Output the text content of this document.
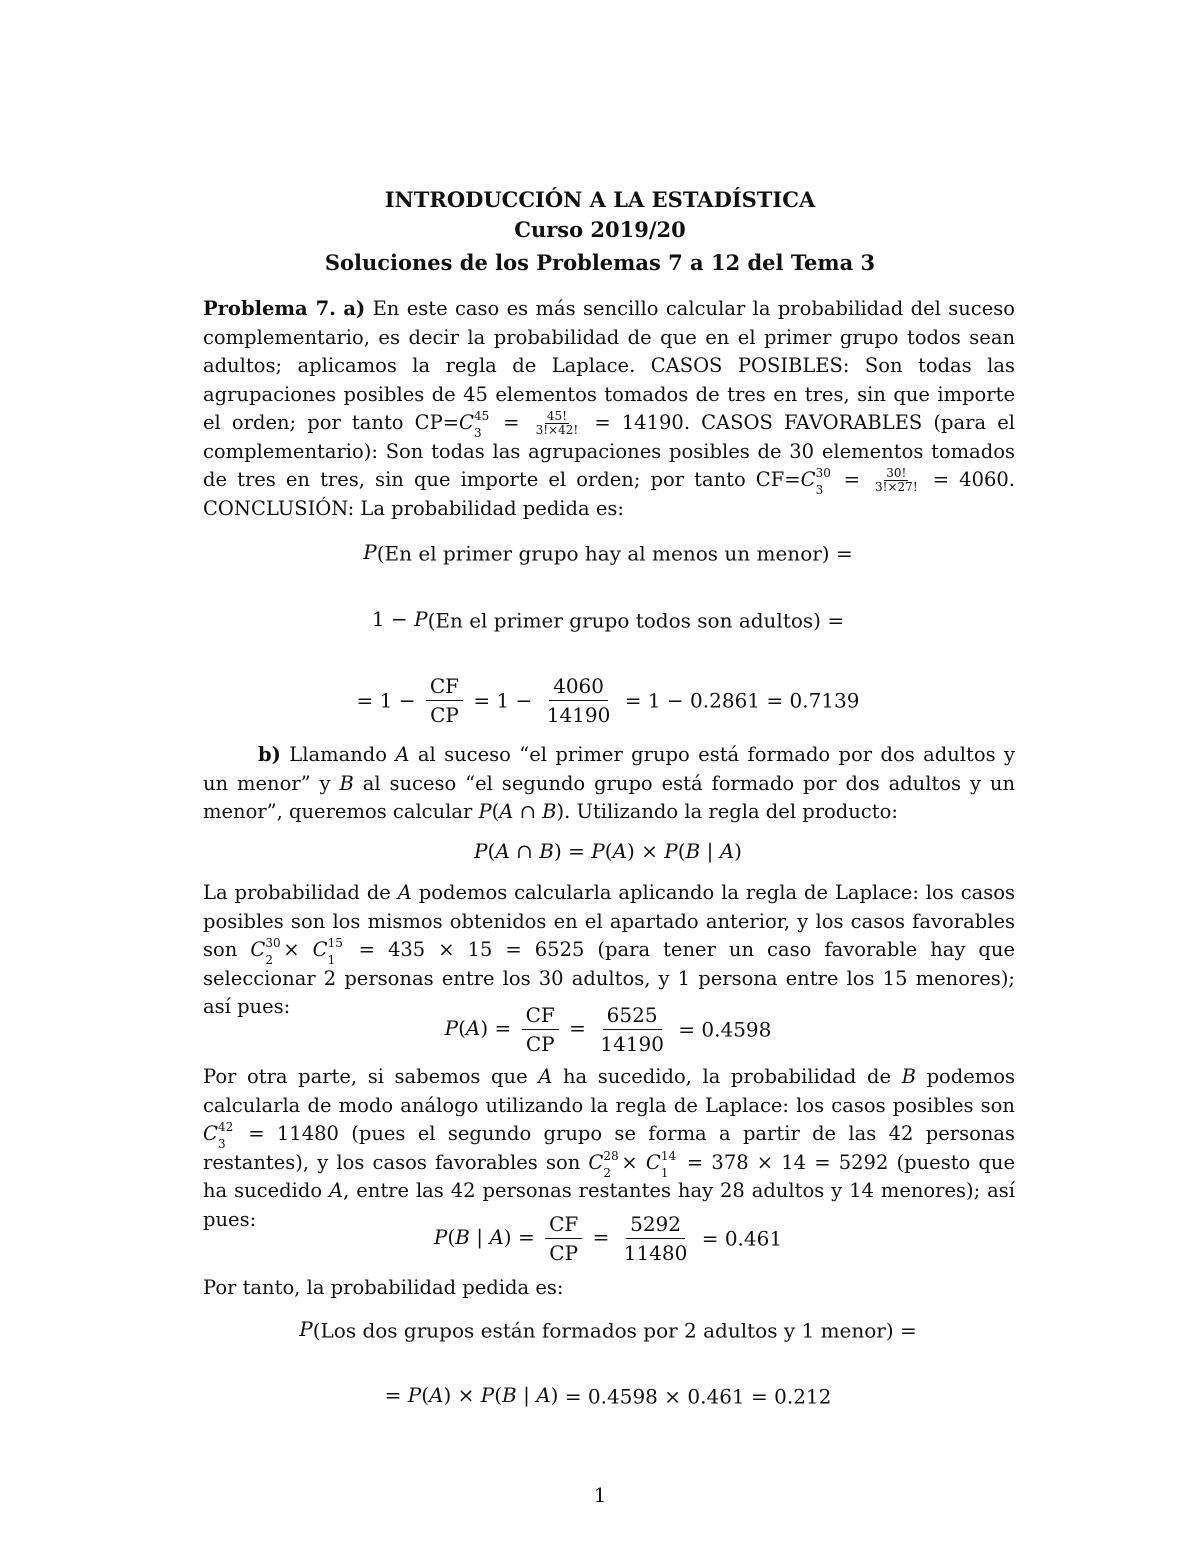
INTRODUCCIÓN A LA ESTADÍSTICA
Curso 2019/20
Soluciones de los Problemas 7 a 12 del Tema 3
Problema 7. a) En este caso es más sencillo calcular la probabilidad del suceso complementario, es decir la probabilidad de que en el primer grupo todos sean adultos; aplicamos la regla de Laplace. CASOS POSIBLES: Son todas las agrupaciones posibles de 45 elementos tomados de tres en tres, sin que importe el orden; por tanto CP=C 45
$3 = \frac{45!}{3!\times 42!} = 14190$. CASOS FAVORABLES (para el complementario): Son todas las agrupaciones posibles de 30 elementos tomados de tres en tres, sin que importe el orden; por tanto CF=C 30
$3 = \frac{30!}{3!\times 27!} = 4060$. CONCLUSIÓN: La probabilidad pedida es:
P(En el primer grupo hay al menos un menor) =
1 − P(En el primer grupo todos son adultos) =
= $1 - \frac{CF}{CP} = 1 - \frac{4060}{14190} = 1 - 0.2861 = 0.7139$
b) Llamando A al suceso “el primer grupo está formado por dos adultos y un menor” y B al suceso “el segundo grupo está formado por dos adultos y un menor”, queremos calcular P(A ∩ B). Utilizando la regla del producto:
P(A ∩ B) = P(A) × P(B | A)
La probabilidad de A podemos calcularla aplicando la regla de Laplace: los casos posibles son los mismos obtenidos en el apartado anterior, y los casos favorables son C 30
2 × C 15
1 = 435 × 15 = 6525 (para tener un caso favorable hay que seleccionar 2 personas entre los 30 adultos, y 1 persona entre los 15 menores); así pues:
$P(A) = \frac{CF}{CP} = \frac{6525}{14190} = 0.4598$
Por otra parte, si sabemos que A ha sucedido, la probabilidad de B podemos calcularla de modo análogo utilizando la regla de Laplace: los casos posibles son C 42
3 = 11480 (pues el segundo grupo se forma a partir de las 42 personas restantes), y los casos favorables son C 28
2 × C 14
1 = 378 × 14 = 5292 (puesto que ha sucedido A, entre las 42 personas restantes hay 28 adultos y 14 menores); así pues:
P(B | $A) = \frac{CF}{CP} = \frac{5292}{11480} = 0.461$
Por tanto, la probabilidad pedida es:
P(Los dos grupos están formados por 2 adultos y 1 menor) =
= P(A) × P(B | A) = 0.4598 × 0.461 = 0.212
1
